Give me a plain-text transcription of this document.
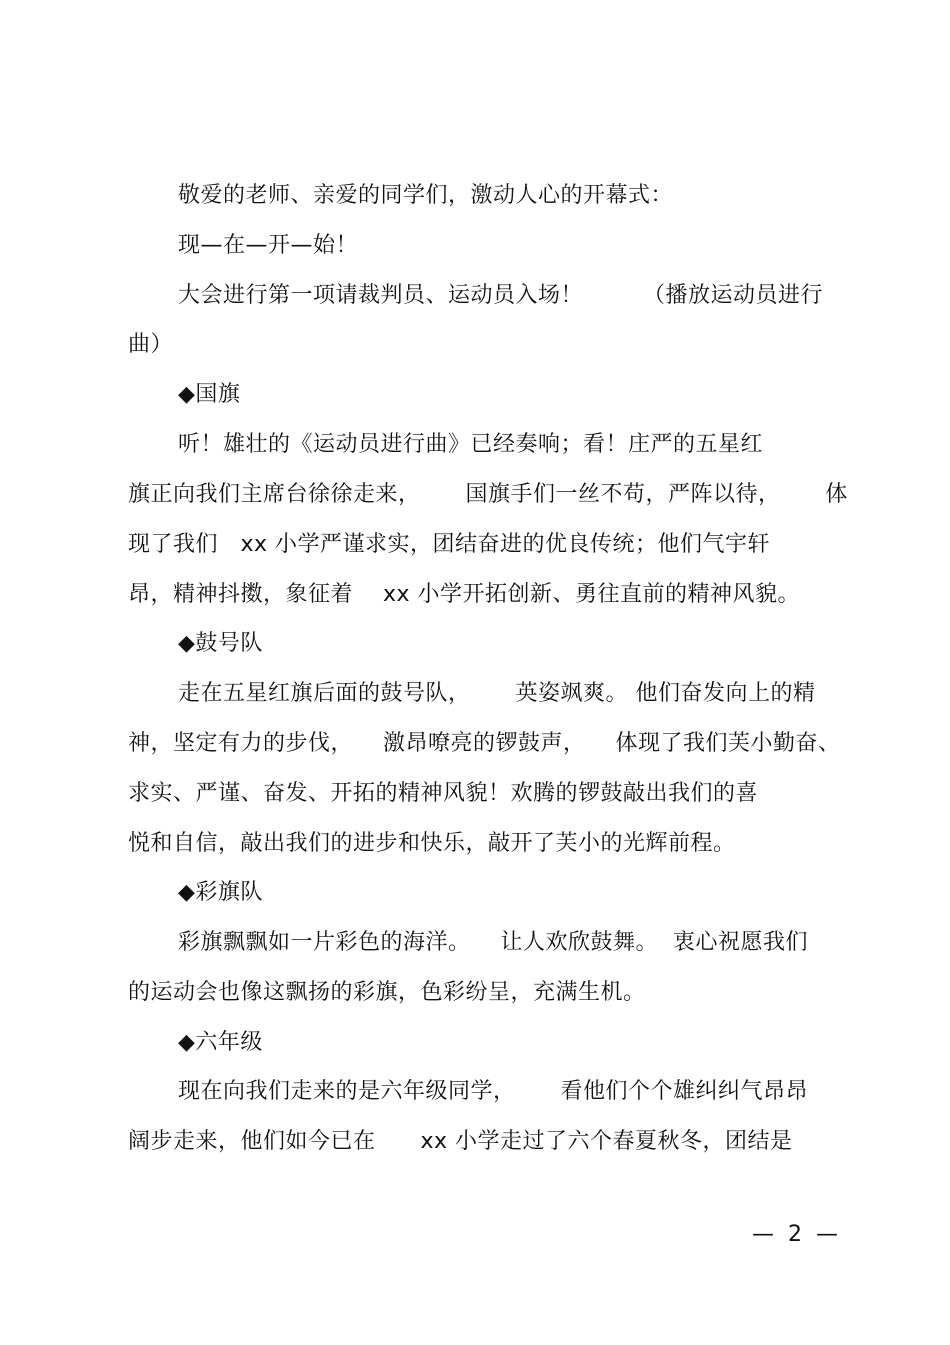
敬爱的老师、亲爱的同学们，激动人心的开幕式：
现—在—开—始！
大会进行第一项请裁判员、运动员入场！        （播放运动员进行
曲）
◆国旗
听！雄壮的《运动员进行曲》已经奏响；看！庄严的五星红
旗正向我们主席台徐徐走来，      国旗手们一丝不苟，严阵以待，      体
现了我们   xx 小学严谨求实，团结奋进的优良传统；他们气宇轩
昂，精神抖擞，象征着    xx 小学开拓创新、勇往直前的精神风貌。
◆鼓号队
走在五星红旗后面的鼓号队，      英姿飒爽。 他们奋发向上的精
神，坚定有力的步伐，    激昂嘹亮的锣鼓声，    体现了我们芙小勤奋、
求实、严谨、奋发、开拓的精神风貌！欢腾的锣鼓敲出我们的喜
悦和自信，敲出我们的进步和快乐，敲开了芙小的光辉前程。
◆彩旗队
彩旗飘飘如一片彩色的海洋。    让人欢欣鼓舞。  衷心祝愿我们
的运动会也像这飘扬的彩旗，色彩纷呈，充满生机。
◆六年级
现在向我们走来的是六年级同学，      看他们个个雄纠纠气昂昂
阔步走来，他们如今已在      xx 小学走过了六个春夏秋冬，团结是
—  2  —
